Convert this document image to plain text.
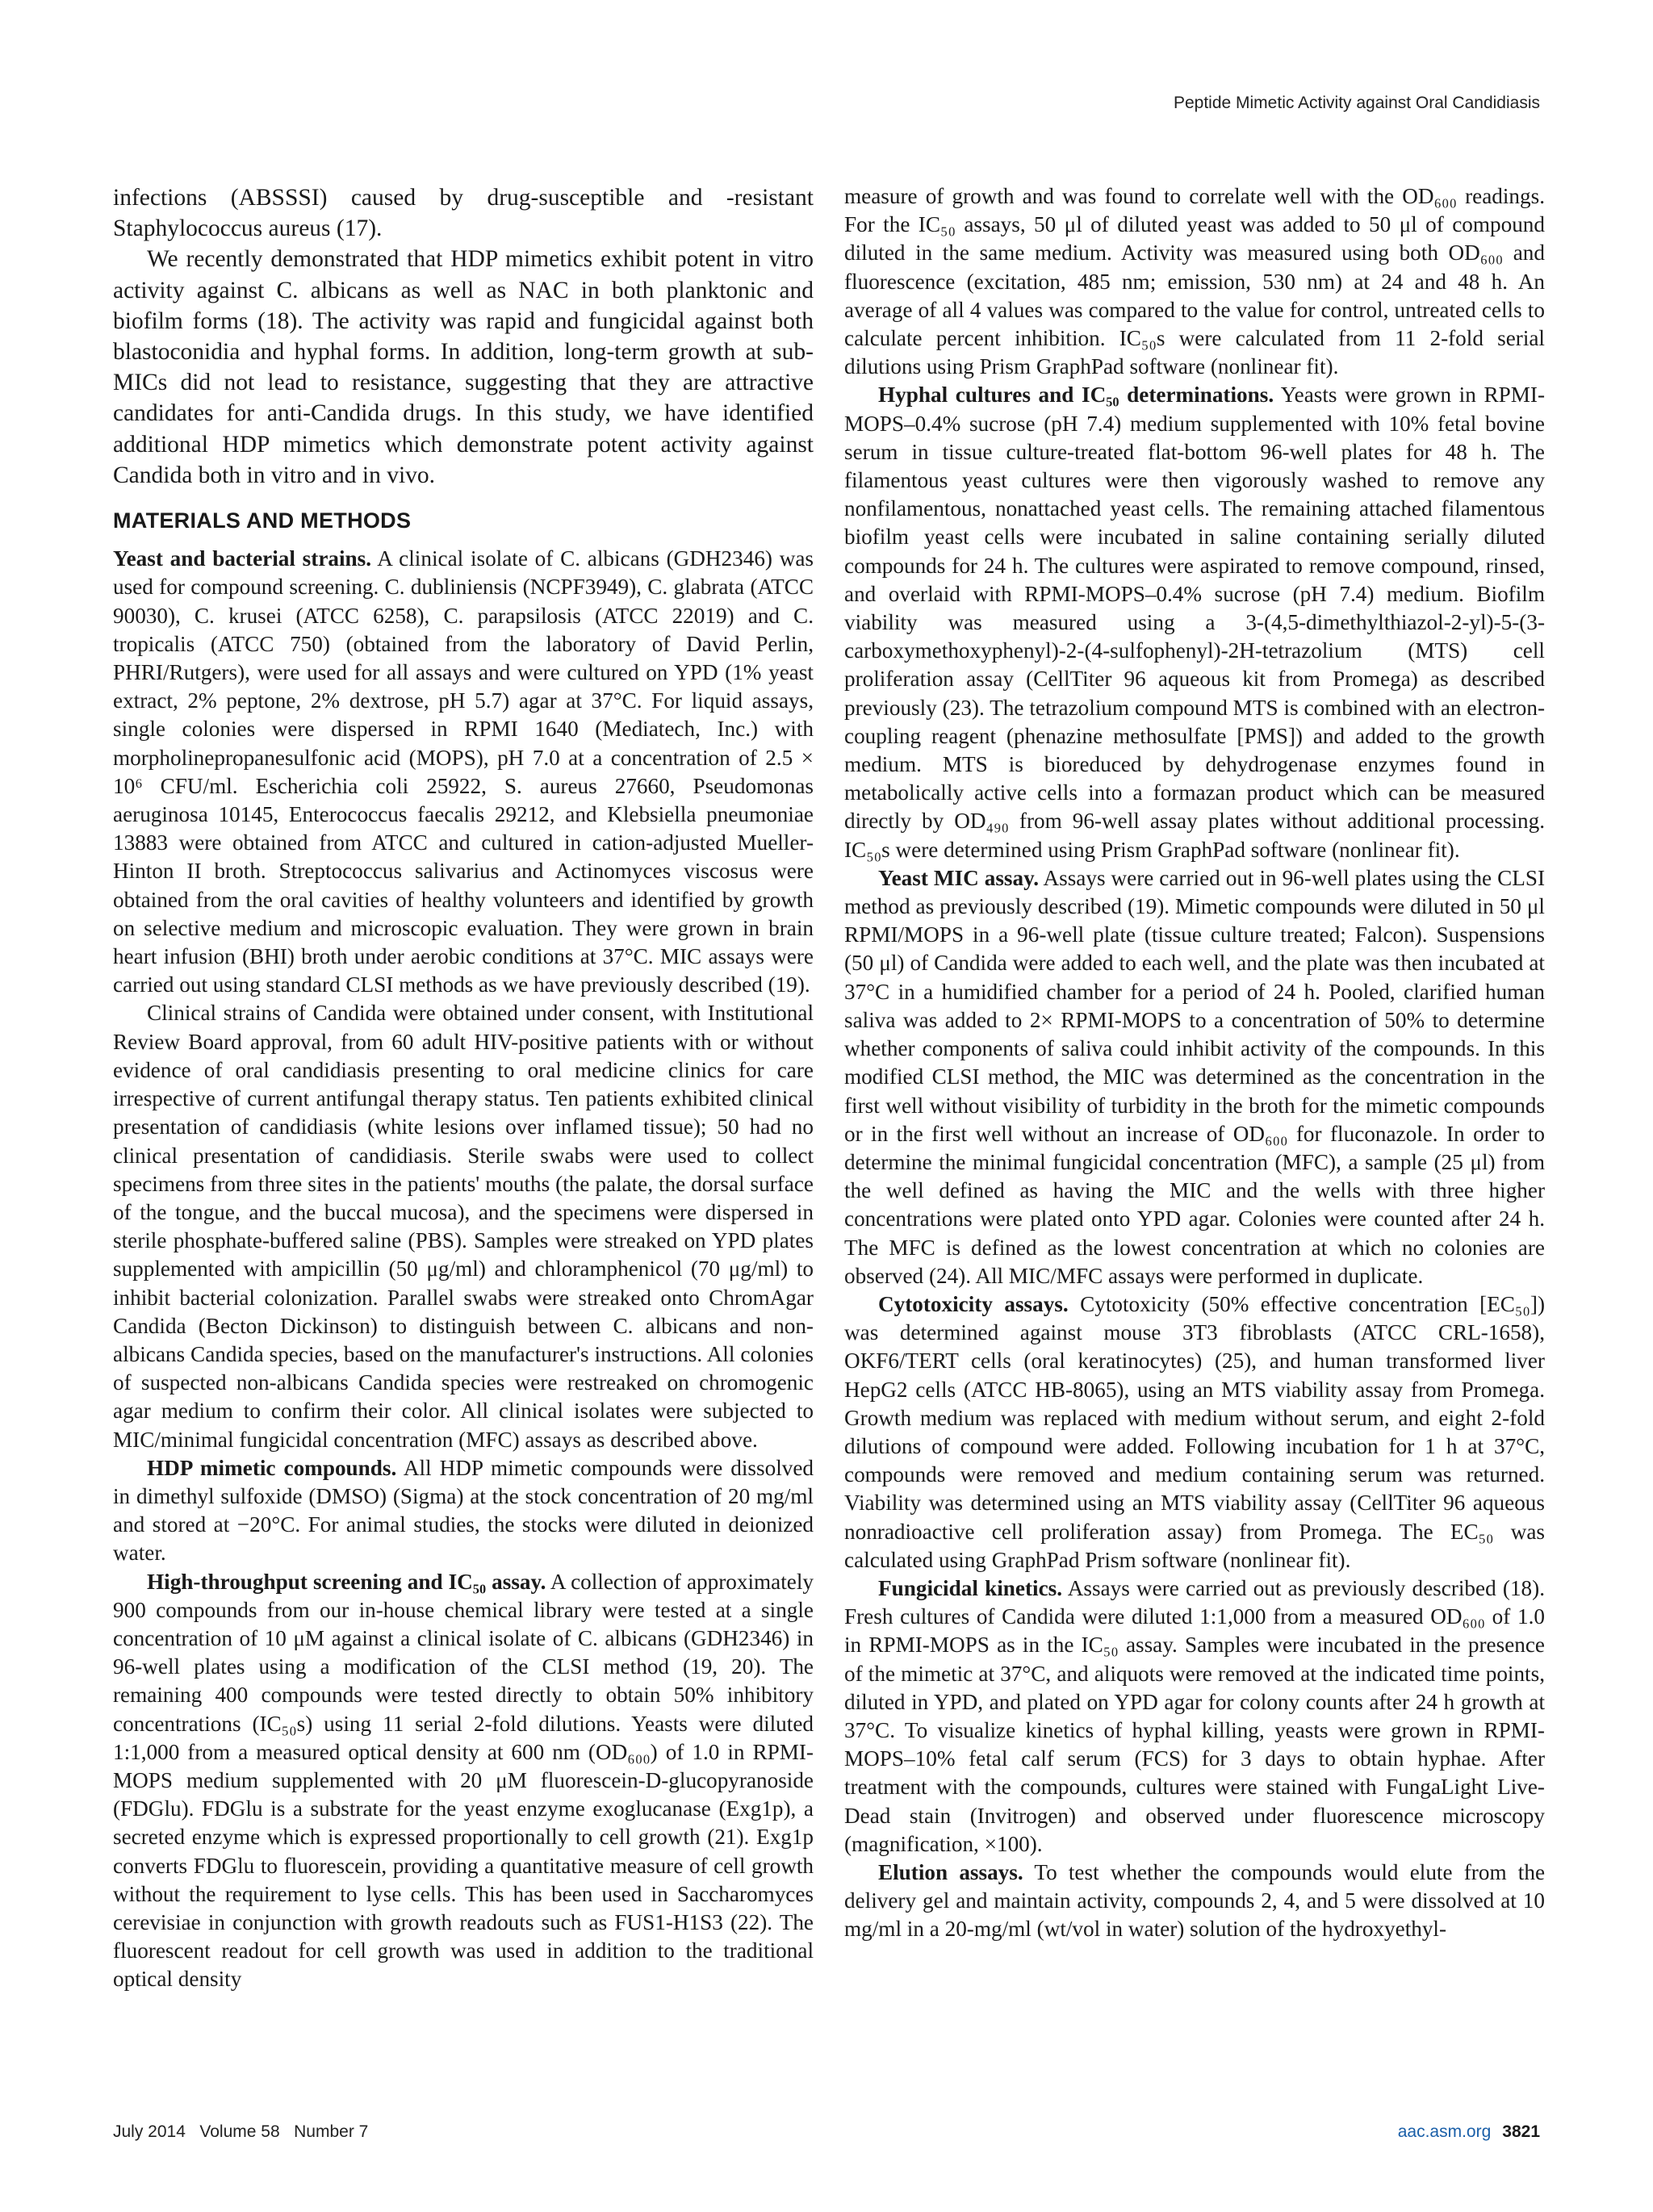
Peptide Mimetic Activity against Oral Candidiasis

infections (ABSSSI) caused by drug-susceptible and -resistant Staphylococcus aureus (17).

We recently demonstrated that HDP mimetics exhibit potent in vitro activity against C. albicans as well as NAC in both planktonic and biofilm forms (18). The activity was rapid and fungicidal against both blastoconidia and hyphal forms. In addition, long-term growth at sub-MICs did not lead to resistance, suggesting that they are attractive candidates for anti-Candida drugs. In this study, we have identified additional HDP mimetics which demonstrate potent activity against Candida both in vitro and in vivo.

MATERIALS AND METHODS

Yeast and bacterial strains. A clinical isolate of C. albicans (GDH2346) was used for compound screening. C. dubliniensis (NCPF3949), C. glabrata (ATCC 90030), C. krusei (ATCC 6258), C. parapsilosis (ATCC 22019) and C. tropicalis (ATCC 750) (obtained from the laboratory of David Perlin, PHRI/Rutgers), were used for all assays and were cultured on YPD (1% yeast extract, 2% peptone, 2% dextrose, pH 5.7) agar at 37°C. For liquid assays, single colonies were dispersed in RPMI 1640 (Mediatech, Inc.) with morpholinepropanesulfonic acid (MOPS), pH 7.0 at a concentration of 2.5 × 10⁶ CFU/ml. Escherichia coli 25922, S. aureus 27660, Pseudomonas aeruginosa 10145, Enterococcus faecalis 29212, and Klebsiella pneumoniae 13883 were obtained from ATCC and cultured in cation-adjusted Mueller-Hinton II broth. Streptococcus salivarius and Actinomyces viscosus were obtained from the oral cavities of healthy volunteers and identified by growth on selective medium and microscopic evaluation. They were grown in brain heart infusion (BHI) broth under aerobic conditions at 37°C. MIC assays were carried out using standard CLSI methods as we have previously described (19).

Clinical strains of Candida were obtained under consent, with Institutional Review Board approval, from 60 adult HIV-positive patients with or without evidence of oral candidiasis presenting to oral medicine clinics for care irrespective of current antifungal therapy status. Ten patients exhibited clinical presentation of candidiasis (white lesions over inflamed tissue); 50 had no clinical presentation of candidiasis. Sterile swabs were used to collect specimens from three sites in the patients' mouths (the palate, the dorsal surface of the tongue, and the buccal mucosa), and the specimens were dispersed in sterile phosphate-buffered saline (PBS). Samples were streaked on YPD plates supplemented with ampicillin (50 μg/ml) and chloramphenicol (70 μg/ml) to inhibit bacterial colonization. Parallel swabs were streaked onto ChromAgar Candida (Becton Dickinson) to distinguish between C. albicans and non-albicans Candida species, based on the manufacturer's instructions. All colonies of suspected non-albicans Candida species were restreaked on chromogenic agar medium to confirm their color. All clinical isolates were subjected to MIC/minimal fungicidal concentration (MFC) assays as described above.

HDP mimetic compounds. All HDP mimetic compounds were dissolved in dimethyl sulfoxide (DMSO) (Sigma) at the stock concentration of 20 mg/ml and stored at −20°C. For animal studies, the stocks were diluted in deionized water.

High-throughput screening and IC₅₀ assay. A collection of approximately 900 compounds from our in-house chemical library were tested at a single concentration of 10 μM against a clinical isolate of C. albicans (GDH2346) in 96-well plates using a modification of the CLSI method (19, 20). The remaining 400 compounds were tested directly to obtain 50% inhibitory concentrations (IC₅₀s) using 11 serial 2-fold dilutions. Yeasts were diluted 1:1,000 from a measured optical density at 600 nm (OD₆₀₀) of 1.0 in RPMI-MOPS medium supplemented with 20 μM fluorescein-D-glucopyranoside (FDGlu). FDGlu is a substrate for the yeast enzyme exoglucanase (Exg1p), a secreted enzyme which is expressed proportionally to cell growth (21). Exg1p converts FDGlu to fluorescein, providing a quantitative measure of cell growth without the requirement to lyse cells. This has been used in Saccharomyces cerevisiae in conjunction with growth readouts such as FUS1-H1S3 (22). The fluorescent readout for cell growth was used in addition to the traditional optical density

measure of growth and was found to correlate well with the OD₆₀₀ readings. For the IC₅₀ assays, 50 μl of diluted yeast was added to 50 μl of compound diluted in the same medium. Activity was measured using both OD₆₀₀ and fluorescence (excitation, 485 nm; emission, 530 nm) at 24 and 48 h. An average of all 4 values was compared to the value for control, untreated cells to calculate percent inhibition. IC₅₀s were calculated from 11 2-fold serial dilutions using Prism GraphPad software (nonlinear fit).

Hyphal cultures and IC₅₀ determinations. Yeasts were grown in RPMI-MOPS–0.4% sucrose (pH 7.4) medium supplemented with 10% fetal bovine serum in tissue culture-treated flat-bottom 96-well plates for 48 h. The filamentous yeast cultures were then vigorously washed to remove any nonfilamentous, nonattached yeast cells. The remaining attached filamentous biofilm yeast cells were incubated in saline containing serially diluted compounds for 24 h. The cultures were aspirated to remove compound, rinsed, and overlaid with RPMI-MOPS–0.4% sucrose (pH 7.4) medium. Biofilm viability was measured using a 3-(4,5-dimethylthiazol-2-yl)-5-(3-carboxymethoxyphenyl)-2-(4-sulfophenyl)-2H-tetrazolium (MTS) cell proliferation assay (CellTiter 96 aqueous kit from Promega) as described previously (23). The tetrazolium compound MTS is combined with an electron-coupling reagent (phenazine methosulfate [PMS]) and added to the growth medium. MTS is bioreduced by dehydrogenase enzymes found in metabolically active cells into a formazan product which can be measured directly by OD₄₉₀ from 96-well assay plates without additional processing. IC₅₀s were determined using Prism GraphPad software (nonlinear fit).

Yeast MIC assay. Assays were carried out in 96-well plates using the CLSI method as previously described (19). Mimetic compounds were diluted in 50 μl RPMI/MOPS in a 96-well plate (tissue culture treated; Falcon). Suspensions (50 μl) of Candida were added to each well, and the plate was then incubated at 37°C in a humidified chamber for a period of 24 h. Pooled, clarified human saliva was added to 2× RPMI-MOPS to a concentration of 50% to determine whether components of saliva could inhibit activity of the compounds. In this modified CLSI method, the MIC was determined as the concentration in the first well without visibility of turbidity in the broth for the mimetic compounds or in the first well without an increase of OD₆₀₀ for fluconazole. In order to determine the minimal fungicidal concentration (MFC), a sample (25 μl) from the well defined as having the MIC and the wells with three higher concentrations were plated onto YPD agar. Colonies were counted after 24 h. The MFC is defined as the lowest concentration at which no colonies are observed (24). All MIC/MFC assays were performed in duplicate.

Cytotoxicity assays. Cytotoxicity (50% effective concentration [EC₅₀]) was determined against mouse 3T3 fibroblasts (ATCC CRL-1658), OKF6/TERT cells (oral keratinocytes) (25), and human transformed liver HepG2 cells (ATCC HB-8065), using an MTS viability assay from Promega. Growth medium was replaced with medium without serum, and eight 2-fold dilutions of compound were added. Following incubation for 1 h at 37°C, compounds were removed and medium containing serum was returned. Viability was determined using an MTS viability assay (CellTiter 96 aqueous nonradioactive cell proliferation assay) from Promega. The EC₅₀ was calculated using GraphPad Prism software (nonlinear fit).

Fungicidal kinetics. Assays were carried out as previously described (18). Fresh cultures of Candida were diluted 1:1,000 from a measured OD₆₀₀ of 1.0 in RPMI-MOPS as in the IC₅₀ assay. Samples were incubated in the presence of the mimetic at 37°C, and aliquots were removed at the indicated time points, diluted in YPD, and plated on YPD agar for colony counts after 24 h growth at 37°C. To visualize kinetics of hyphal killing, yeasts were grown in RPMI-MOPS–10% fetal calf serum (FCS) for 3 days to obtain hyphae. After treatment with the compounds, cultures were stained with FungaLight Live-Dead stain (Invitrogen) and observed under fluorescence microscopy (magnification, ×100).

Elution assays. To test whether the compounds would elute from the delivery gel and maintain activity, compounds 2, 4, and 5 were dissolved at 10 mg/ml in a 20-mg/ml (wt/vol in water) solution of the hydroxyethyl-

July 2014   Volume 58   Number 7	aac.asm.org 3821
